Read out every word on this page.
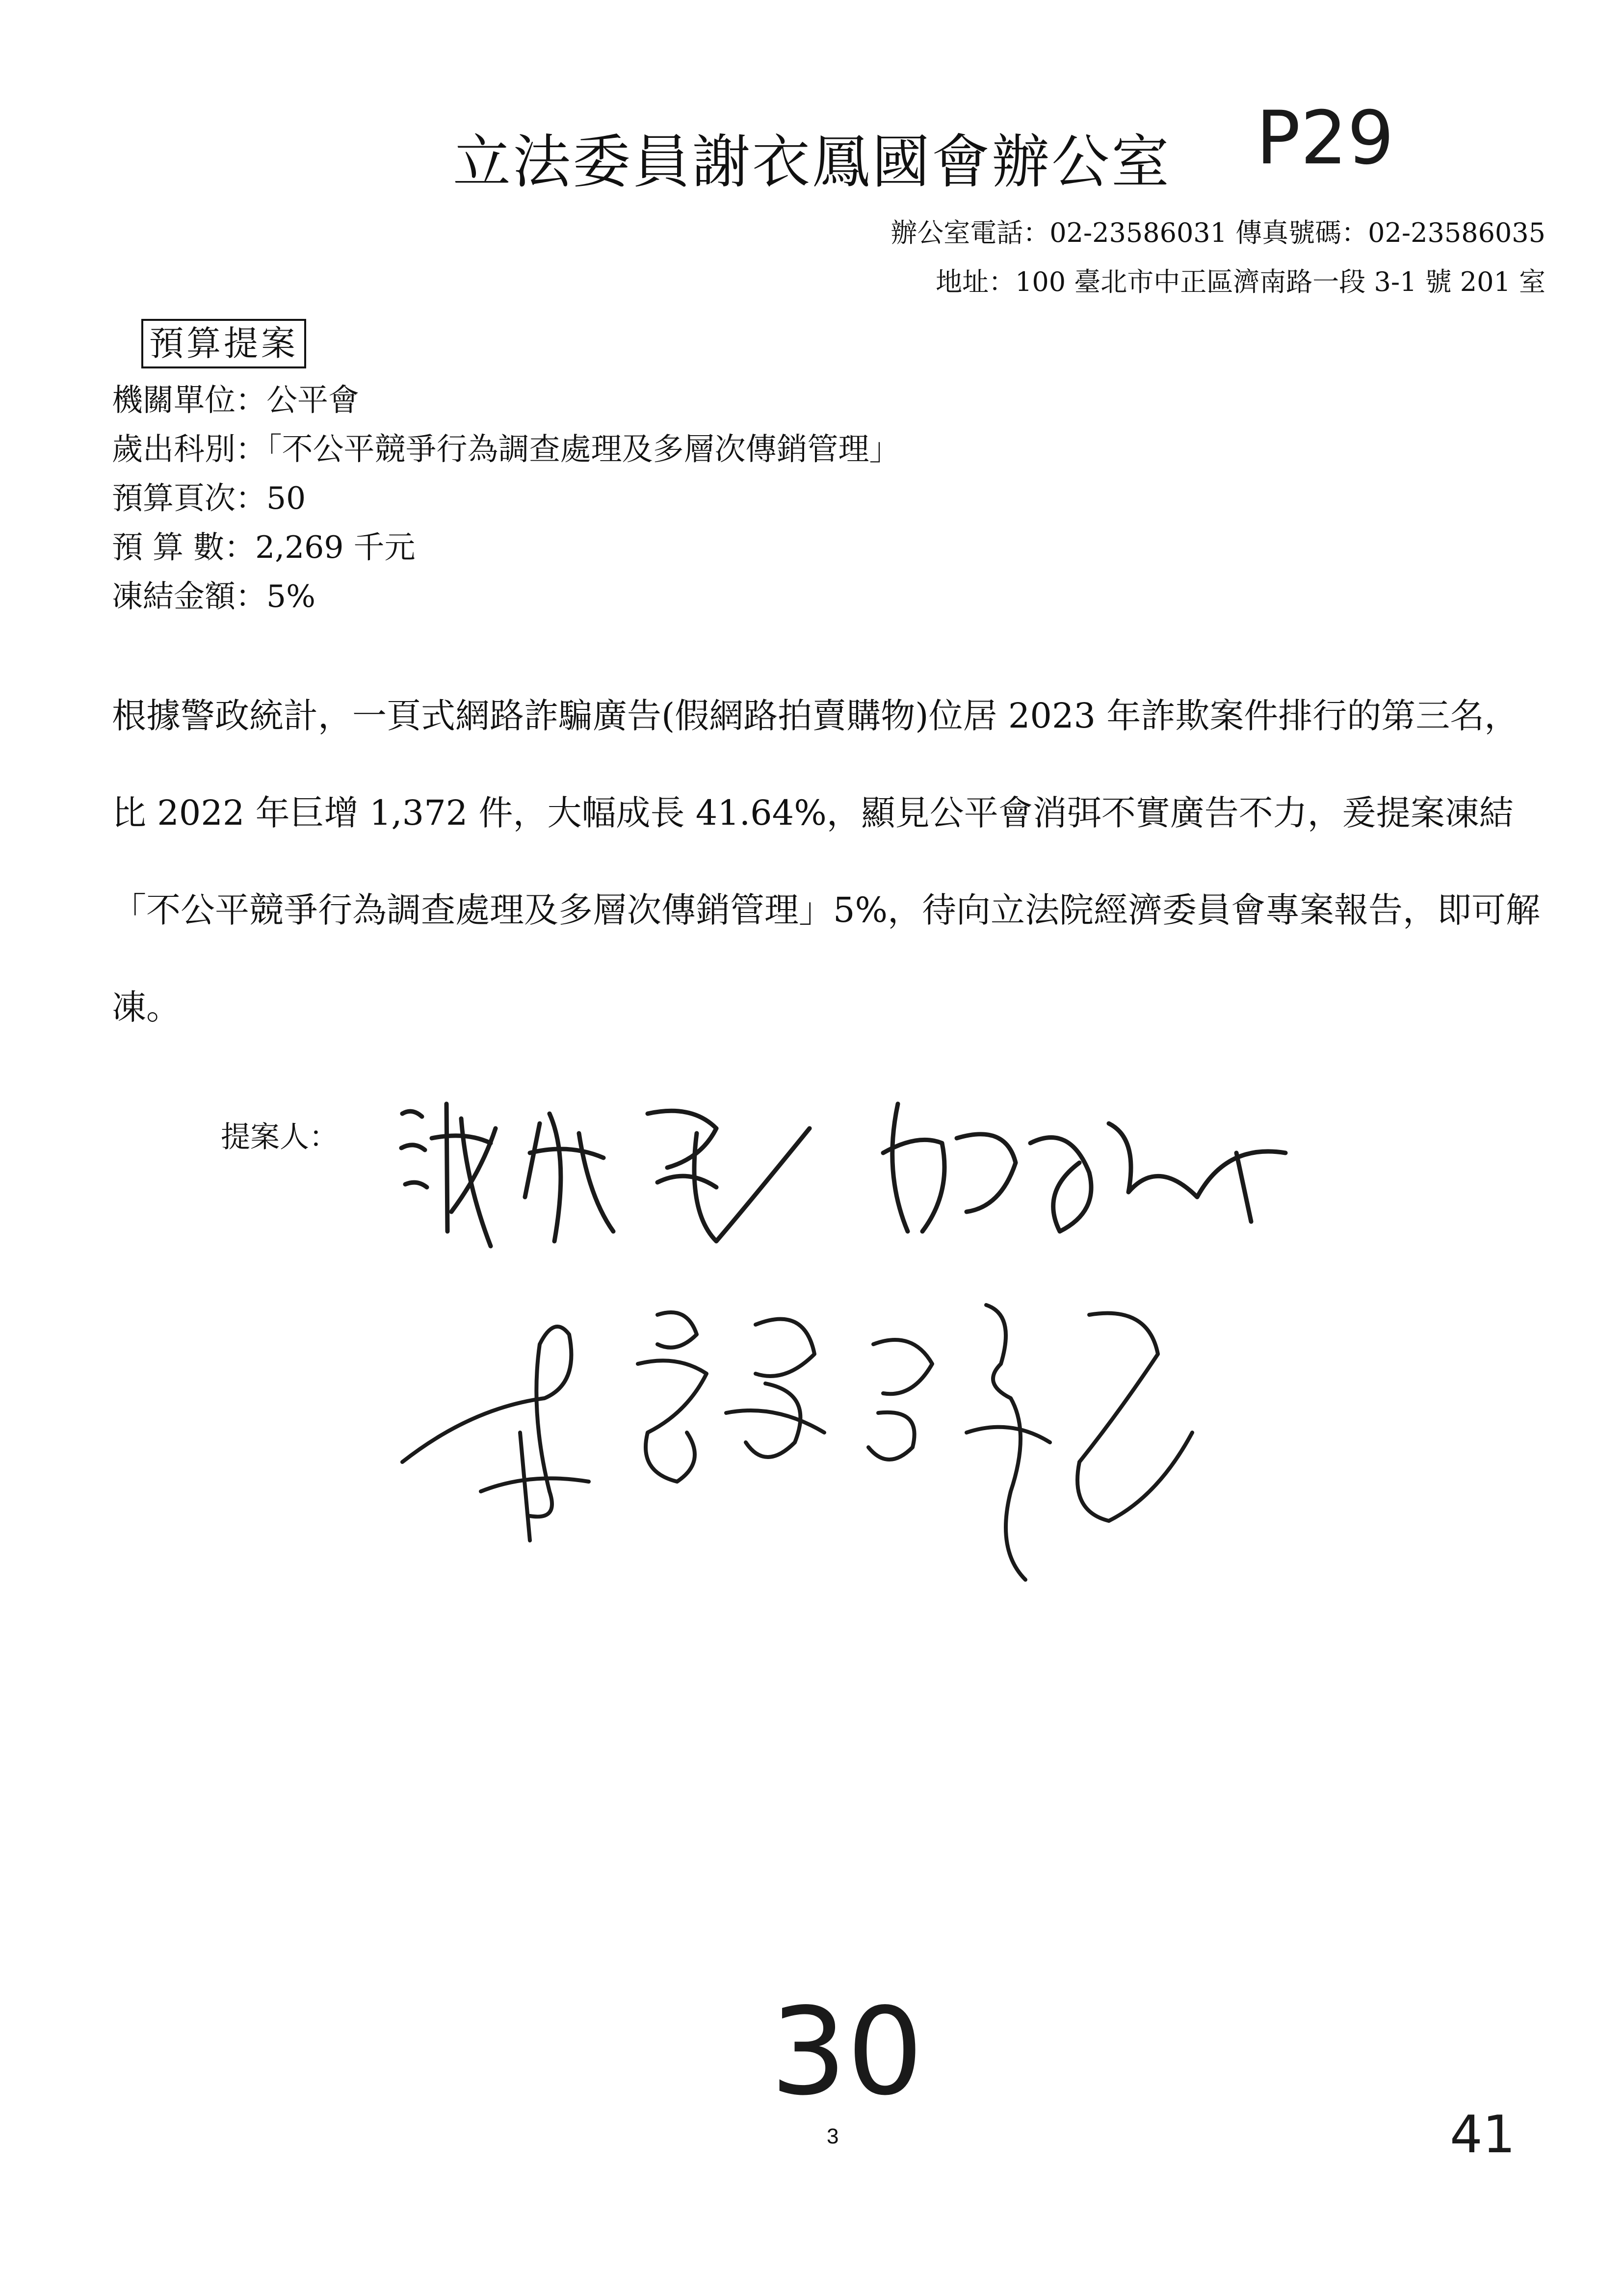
立法委員謝衣鳳國會辦公室	P29
辦公室電話：02-23586031 傳真號碼：02-23586035
地址：100 臺北市中正區濟南路一段 3-1 號 201 室
預算提案
機關單位：公平會
歲出科別：「不公平競爭行為調查處理及多層次傳銷管理」
預算頁次：50
預 算 數：2,269 千元
凍結金額：5%

根據警政統計，一頁式網路詐騙廣告(假網路拍賣購物)位居 2023 年詐欺案件排行的第三名，比 2022 年巨增 1,372 件，大幅成長 41.64%，顯見公平會消弭不實廣告不力，爰提案凍結「不公平競爭行為調查處理及多層次傳銷管理」5%，待向立法院經濟委員會專案報告，即可解凍。

提案人：
30
3	41
